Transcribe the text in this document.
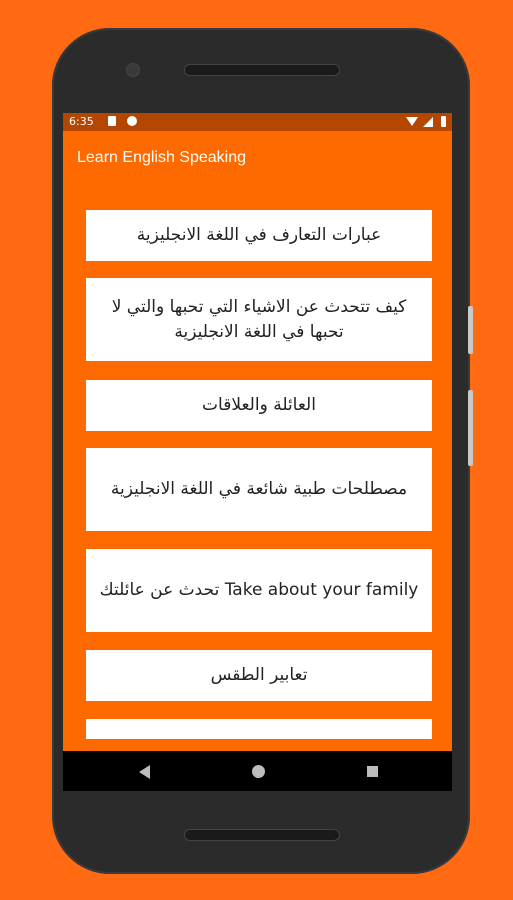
6:35
Learn English Speaking
عبارات التعارف في اللغة الانجليزية
كيف تتحدث عن الاشياء التي تحبها والتي لا تحبها في اللغة الانجليزية
العائلة والعلاقات
مصطلحات طبية شائعة في اللغة الانجليزية
Take about your family تحدث عن عائلتك
تعابير الطقس
